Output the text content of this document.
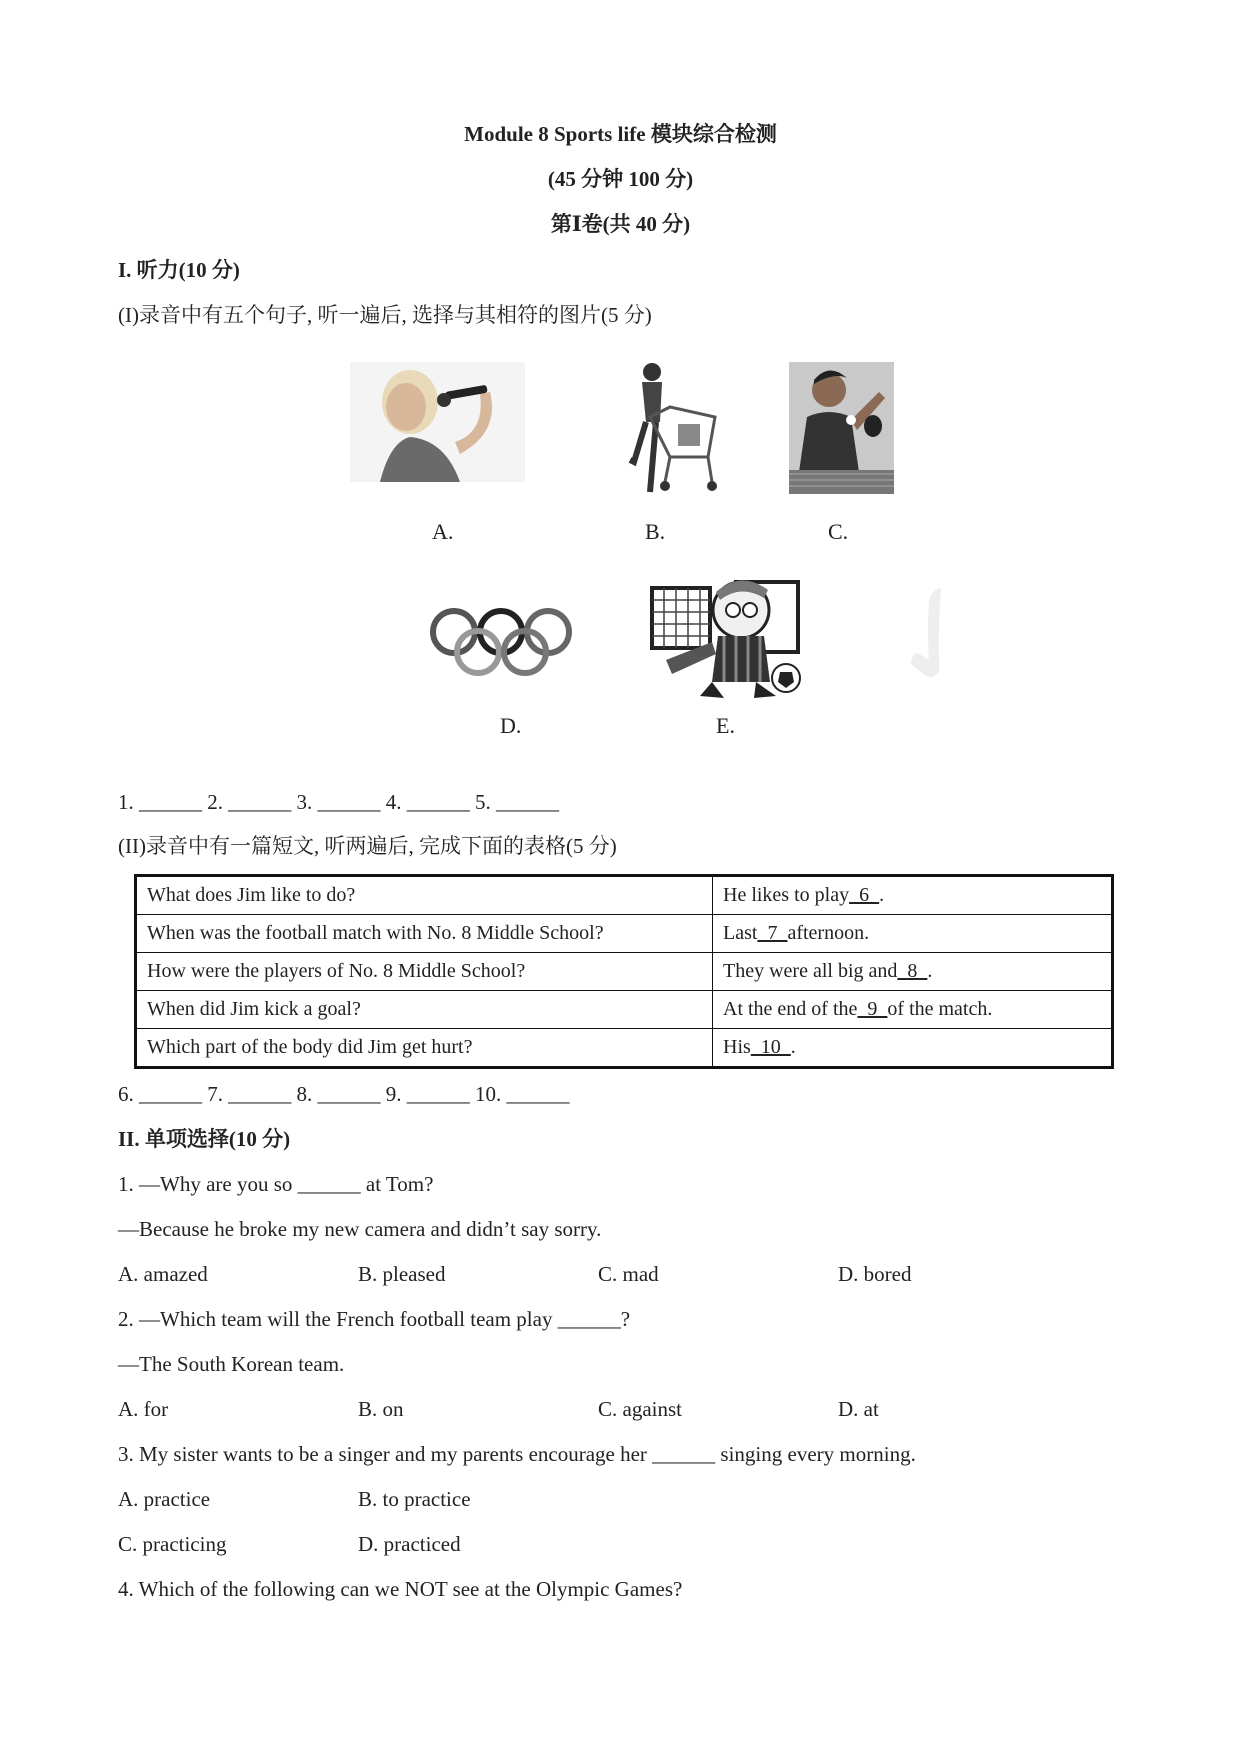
✓
Module 8 Sports life 模块综合检测
(45 分钟 100 分)
第Ⅰ卷(共 40 分)
I. 听力(10 分)
(I)录音中有五个句子, 听一遍后, 选择与其相符的图片(5 分)
A.	B.	C.
D.	E.
1. ______ 2. ______ 3. ______ 4. ______ 5. ______
(II)录音中有一篇短文, 听两遍后, 完成下面的表格(5 分)
What does Jim like to do?	He likes to play  6  .
When was the football match with No. 8 Middle School?	Last  7  afternoon.
How were the players of No. 8 Middle School?	They were all big and  8  .
When did Jim kick a goal?	At the end of the  9  of the match.
Which part of the body did Jim get hurt?	His  10  .
6. ______ 7. ______ 8. ______ 9. ______ 10. ______
II. 单项选择(10 分)
1. —Why are you so ______ at Tom?
—Because he broke my new camera and didn’t say sorry.
A. amazed	B. pleased	C. mad	D. bored
2. —Which team will the French football team play ______?
—The South Korean team.
A. for	B. on	C. against	D. at
3. My sister wants to be a singer and my parents encourage her ______ singing every morning.
A. practice	B. to practice
C. practicing	D. practiced
4. Which of the following can we NOT see at the Olympic Games?
